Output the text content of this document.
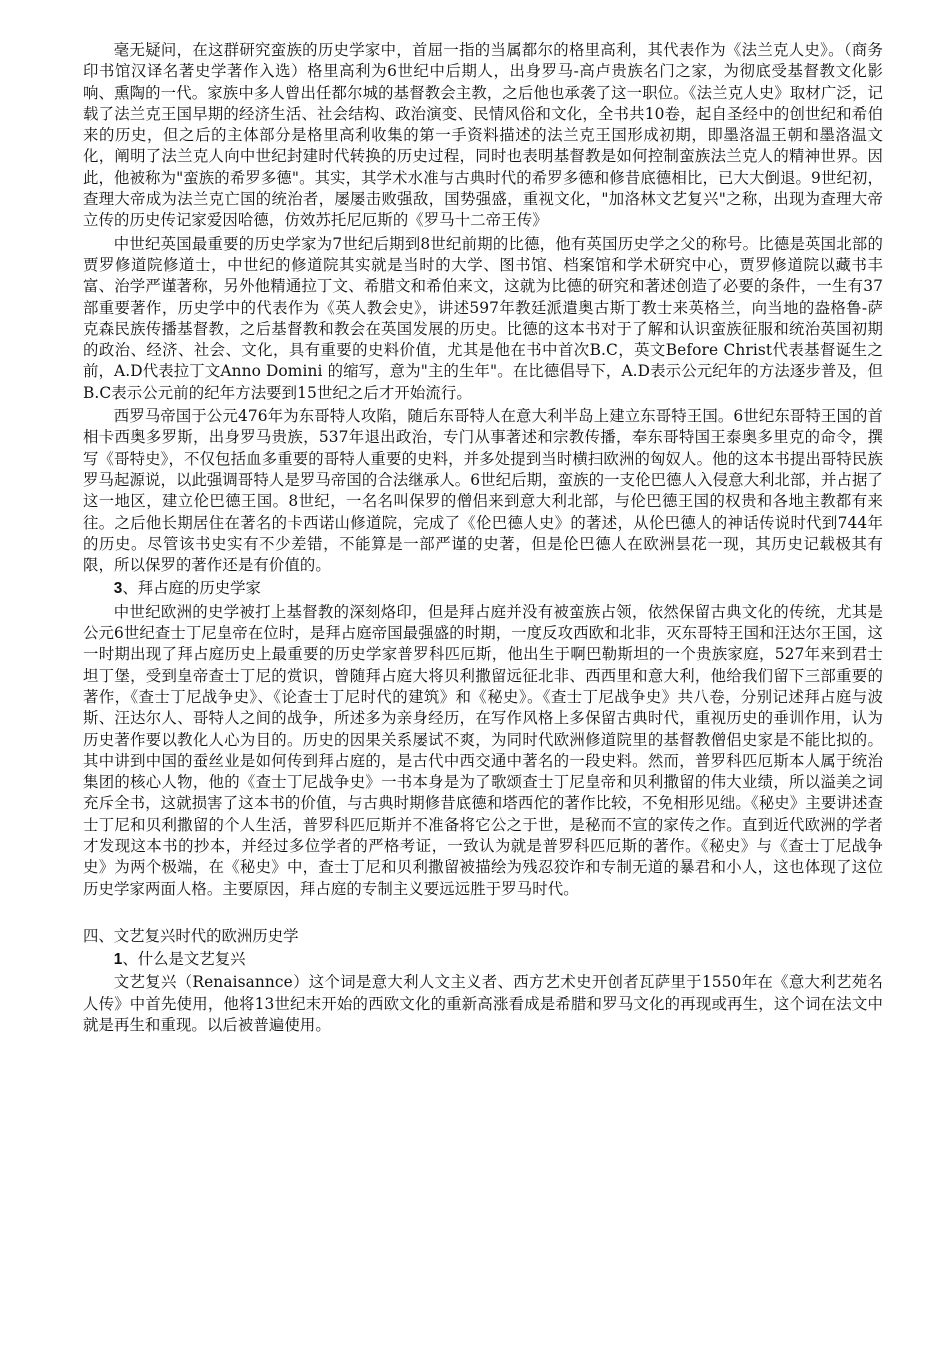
毫无疑问，在这群研究蛮族的历史学家中，首屈一指的当属都尔的格里高利，其代表作为《法兰克人史》。（商务印书馆汉译名著史学著作入选）格里高利为6世纪中后期人，出身罗马-高卢贵族名门之家，为彻底受基督教文化影响、熏陶的一代。家族中多人曾出任都尔城的基督教会主教，之后他也承袭了这一职位。《法兰克人史》取材广泛，记载了法兰克王国早期的经济生活、社会结构、政治演变、民情风俗和文化，全书共10卷，起自圣经中的创世纪和希伯来的历史，但之后的主体部分是格里高利收集的第一手资料描述的法兰克王国形成初期，即墨洛温王朝和墨洛温文化，阐明了法兰克人向中世纪封建时代转换的历史过程，同时也表明基督教是如何控制蛮族法兰克人的精神世界。因此，他被称为"蛮族的希罗多德"。其实，其学术水准与古典时代的希罗多德和修昔底德相比，已大大倒退。9世纪初，查理大帝成为法兰克亡国的统治者，屡屡击败强敌，国势强盛，重视文化，"加洛林文艺复兴"之称，出现为查理大帝立传的历史传记家爱因哈德，仿效苏托尼厄斯的《罗马十二帝王传》

中世纪英国最重要的历史学家为7世纪后期到8世纪前期的比德，他有英国历史学之父的称号。比德是英国北部的贾罗修道院修道士，中世纪的修道院其实就是当时的大学、图书馆、档案馆和学术研究中心，贾罗修道院以藏书丰富、治学严谨著称，另外他精通拉丁文、希腊文和希伯来文，这就为比德的研究和著述创造了必要的条件，一生有37部重要著作，历史学中的代表作为《英人教会史》，讲述597年教廷派遣奥古斯丁教士来英格兰，向当地的盎格鲁-萨克森民族传播基督教，之后基督教和教会在英国发展的历史。比德的这本书对于了解和认识蛮族征服和统治英国初期的政治、经济、社会、文化，具有重要的史料价值，尤其是他在书中首次B.C，英文Before Christ代表基督诞生之前，A.D代表拉丁文Anno Domini 的缩写，意为"主的生年"。在比德倡导下，A.D表示公元纪年的方法逐步普及，但B.C表示公元前的纪年方法要到15世纪之后才开始流行。

西罗马帝国于公元476年为东哥特人攻陷，随后东哥特人在意大利半岛上建立东哥特王国。6世纪东哥特王国的首相卡西奥多罗斯，出身罗马贵族，537年退出政治，专门从事著述和宗教传播，奉东哥特国王泰奥多里克的命令，撰写《哥特史》，不仅包括血多重要的哥特人重要的史料，并多处提到当时横扫欧洲的匈奴人。他的这本书提出哥特民族罗马起源说，以此强调哥特人是罗马帝国的合法继承人。6世纪后期，蛮族的一支伦巴德人入侵意大利北部，并占据了这一地区，建立伦巴德王国。8世纪，一名名叫保罗的僧侣来到意大利北部，与伦巴德王国的权贵和各地主教都有来往。之后他长期居住在著名的卡西诺山修道院，完成了《伦巴德人史》的著述，从伦巴德人的神话传说时代到744年的历史。尽管该书史实有不少差错，不能算是一部严谨的史著，但是伦巴德人在欧洲昙花一现，其历史记载极其有限，所以保罗的著作还是有价值的。

3、拜占庭的历史学家

中世纪欧洲的史学被打上基督教的深刻烙印，但是拜占庭并没有被蛮族占领，依然保留古典文化的传统，尤其是公元6世纪查士丁尼皇帝在位时，是拜占庭帝国最强盛的时期，一度反攻西欧和北非，灭东哥特王国和汪达尔王国，这一时期出现了拜占庭历史上最重要的历史学家普罗科匹厄斯，他出生于啊巴勒斯坦的一个贵族家庭，527年来到君士坦丁堡，受到皇帝查士丁尼的赏识，曾随拜占庭大将贝利撒留远征北非、西西里和意大利，他给我们留下三部重要的著作，《查士丁尼战争史》、《论查士丁尼时代的建筑》和《秘史》。《查士丁尼战争史》共八卷，分别记述拜占庭与波斯、汪达尔人、哥特人之间的战争，所述多为亲身经历，在写作风格上多保留古典时代，重视历史的垂训作用，认为历史著作要以教化人心为目的。历史的因果关系屡试不爽，为同时代欧洲修道院里的基督教僧侣史家是不能比拟的。其中讲到中国的蚕丝业是如何传到拜占庭的，是古代中西交通中著名的一段史料。然而，普罗科匹厄斯本人属于统治集团的核心人物，他的《查士丁尼战争史》一书本身是为了歌颂查士丁尼皇帝和贝利撒留的伟大业绩，所以溢美之词充斥全书，这就损害了这本书的价值，与古典时期修昔底德和塔西佗的著作比较，不免相形见绌。《秘史》主要讲述查士丁尼和贝利撒留的个人生活，普罗科匹厄斯并不准备将它公之于世，是秘而不宣的家传之作。直到近代欧洲的学者才发现这本书的抄本，并经过多位学者的严格考证，一致认为就是普罗科匹厄斯的著作。《秘史》与《查士丁尼战争史》为两个极端，在《秘史》中，查士丁尼和贝利撒留被描绘为残忍狡诈和专制无道的暴君和小人，这也体现了这位历史学家两面人格。主要原因，拜占庭的专制主义要远远胜于罗马时代。

四、文艺复兴时代的欧洲历史学

1、什么是文艺复兴

文艺复兴（Renaisannce）这个词是意大利人文主义者、西方艺术史开创者瓦萨里于1550年在《意大利艺苑名人传》中首先使用，他将13世纪末开始的西欧文化的重新高涨看成是希腊和罗马文化的再现或再生，这个词在法文中就是再生和重现。以后被普遍使用。
